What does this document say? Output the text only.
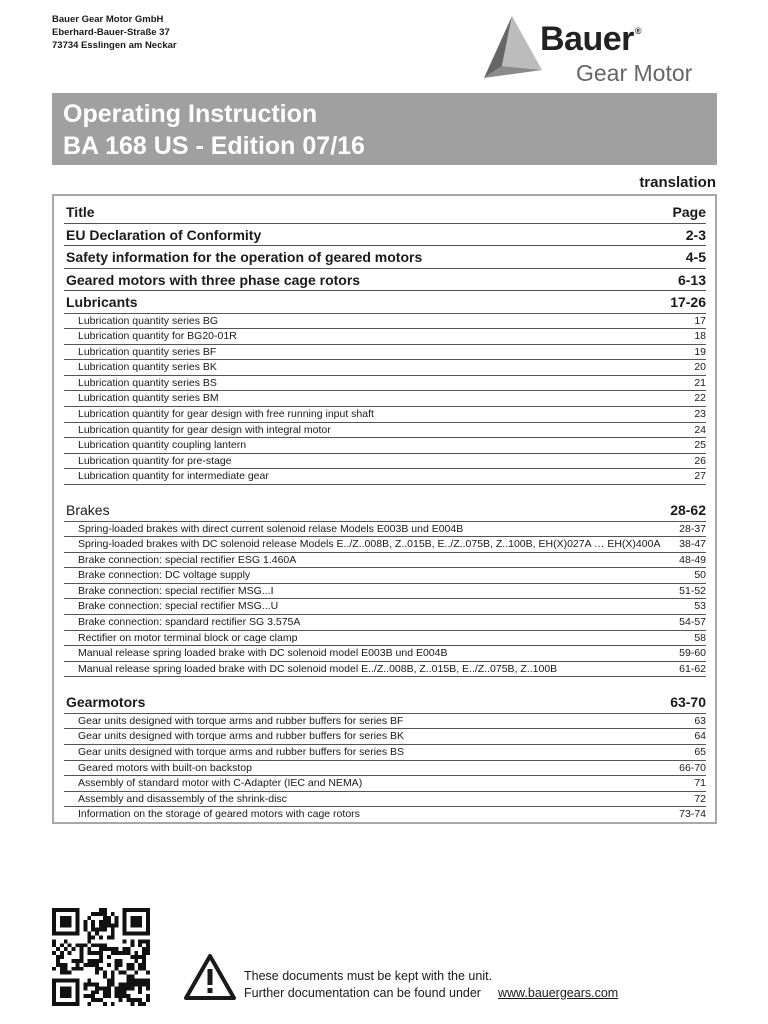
Bauer Gear Motor GmbH
Eberhard-Bauer-Straße 37
73734 Esslingen am Neckar	Bauer®
Gear Motor
Operating Instruction
BA 168 US - Edition 07/16
translation
Title	Page
EU Declaration of Conformity	2-3
Safety information for the operation of geared motors	4-5
Geared motors with three phase cage rotors	6-13
Lubricants	17-26
Lubrication quantity series BG	17
Lubrication quantity for BG20-01R	18
Lubrication quantity series BF	19
Lubrication quantity series BK	20
Lubrication quantity series BS	21
Lubrication quantity series BM	22
Lubrication quantity for gear design with free running input shaft	23
Lubrication quantity for gear design with integral motor	24
Lubrication quantity coupling lantern	25
Lubrication quantity for pre-stage	26
Lubrication quantity for intermediate gear	27
Brakes	28-62
Spring-loaded brakes with direct current solenoid relase Models E003B und E004B	28-37
Spring-loaded brakes with DC solenoid release Models E../Z..008B, Z..015B, E../Z..075B, Z..100B, EH(X)027A … EH(X)400A	38-47
Brake connection: special rectifier ESG 1.460A	48-49
Brake connection: DC voltage supply	50
Brake connection: special rectifier MSG...I	51-52
Brake connection: special rectifier MSG...U	53
Brake connection: spandard rectifier SG 3.575A	54-57
Rectifier on motor terminal block or cage clamp	58
Manual release spring loaded brake with DC solenoid model E003B und E004B	59-60
Manual release spring loaded brake with DC solenoid model E../Z..008B, Z..015B, E../Z..075B, Z..100B	61-62
Gearmotors	63-70
Gear units designed with torque arms and rubber buffers for series BF	63
Gear units designed with torque arms and rubber buffers for series BK	64
Gear units designed with torque arms and rubber buffers for series BS	65
Geared motors with built-on backstop	66-70
Assembly of standard motor with C-Adapter (IEC and NEMA)	71
Assembly and disassembly of the shrink-disc	72
Information on the storage of geared motors with cage rotors	73-74
These documents must be kept with the unit.
Further documentation can be found under	www.bauergears.com
